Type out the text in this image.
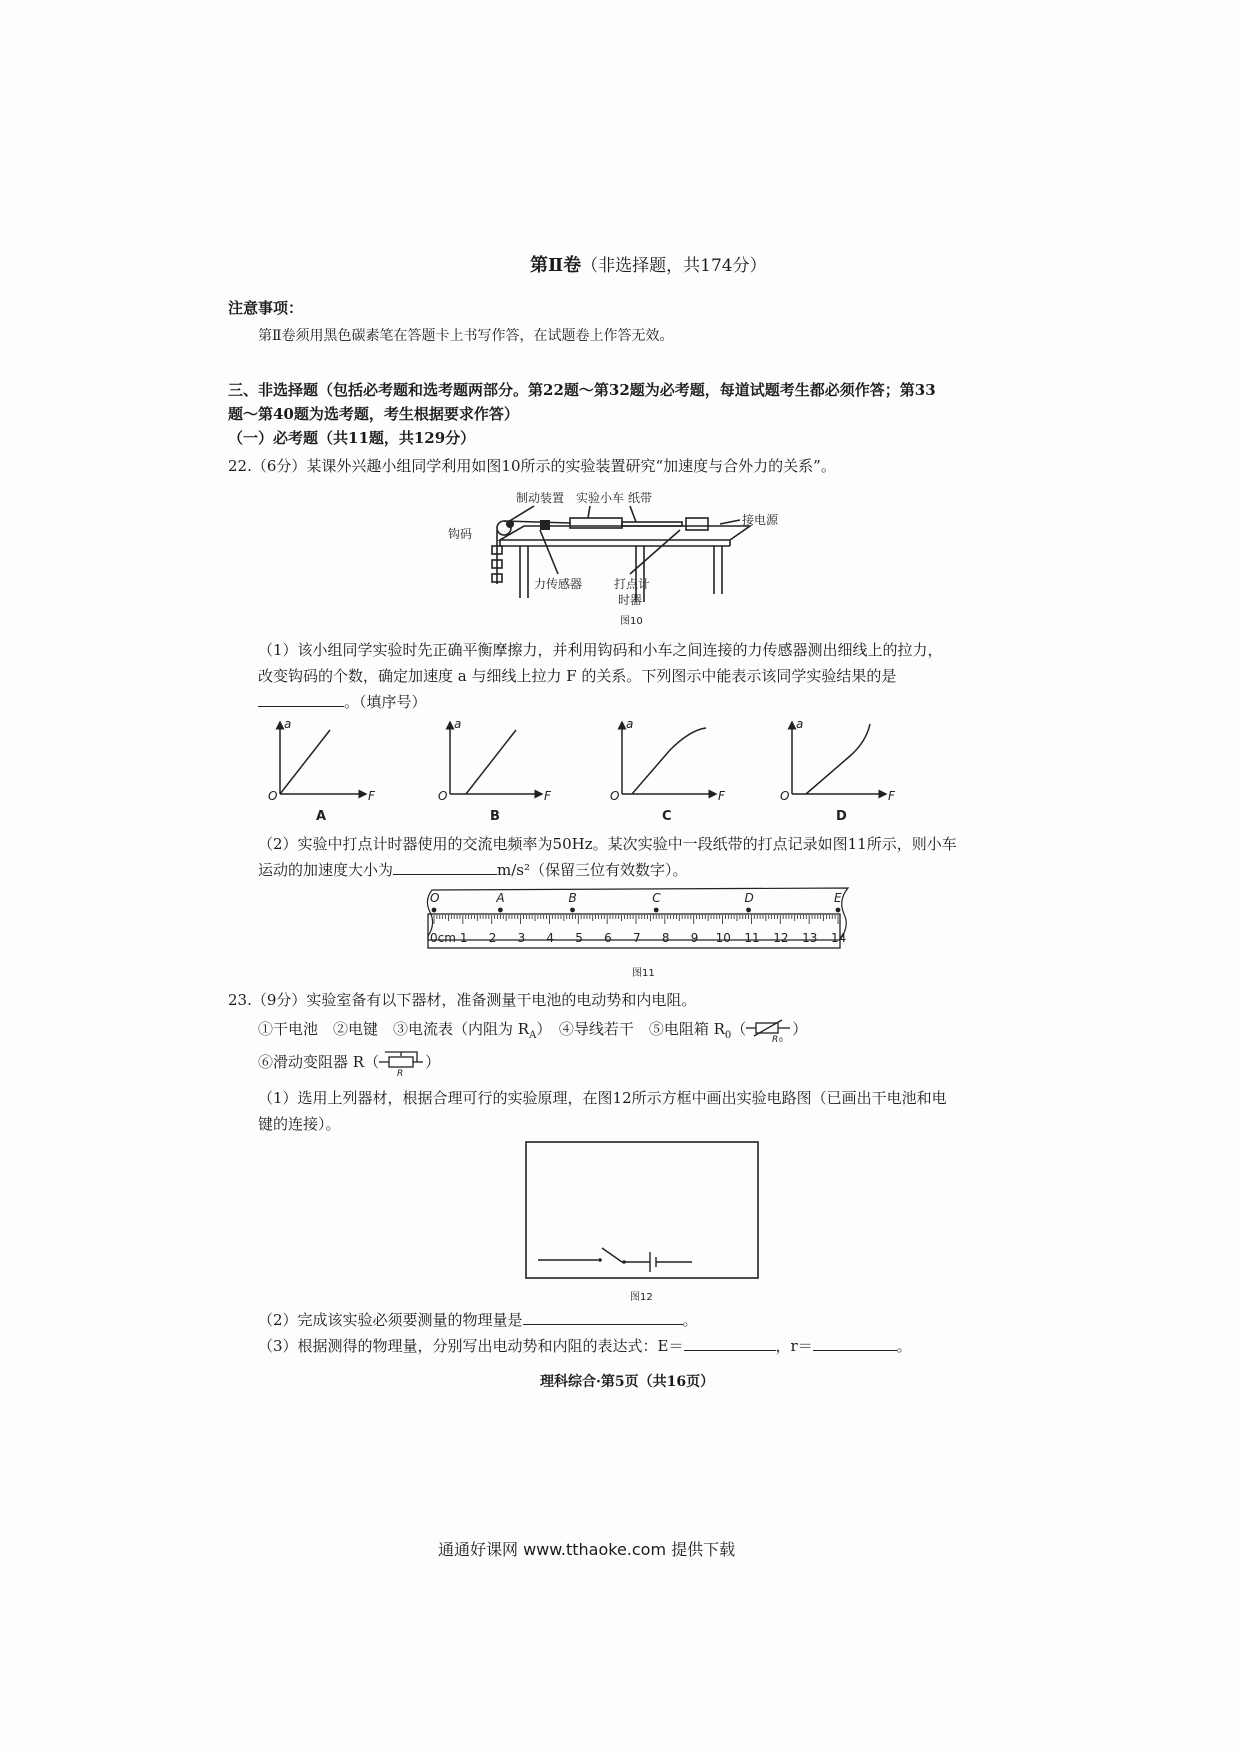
第Ⅱ卷（非选择题，共174分）
注意事项：
第Ⅱ卷须用黑色碳素笔在答题卡上书写作答，在试题卷上作答无效。
三、非选择题（包括必考题和选考题两部分。第22题～第32题为必考题，每道试题考生都必须作答；第33
题～第40题为选考题，考生根据要求作答）
（一）必考题（共11题，共129分）
22.（6分）某课外兴趣小组同学利用如图10所示的实验装置研究“加速度与合外力的关系”。
制动装置 实验小车 纸带
钩码
接电源
力传感器	打点计
时器
图10
（1）该小组同学实验时先正确平衡摩擦力，并利用钩码和小车之间连接的力传感器测出细线上的拉力，
改变钩码的个数，确定加速度 a 与细线上拉力 F 的关系。下列图示中能表示该同学实验结果的是
。（填序号）
a
F
O
a
F
O
a
F
O
a
F
O
A	B	C	D
（2）实验中打点计时器使用的交流电频率为50Hz。某次实验中一段纸带的打点记录如图11所示，则小车
运动的加速度大小为	m/s²（保留三位有效数字）。
0cm 1 2 3 4 5 6 7 8 9 10 11 12 13 14
O	A	B	C	D	E
图11
23.（9分）实验室备有以下器材，准备测量干电池的电动势和内电阻。
①干电池　②电键　③电流表（内阻为 $R_A$）　④导线若干　⑤电阻箱 $R_0$（
R 0
）
⑥滑动变阻器 R（
R
）
（1）选用上列器材，根据合理可行的实验原理，在图12所示方框中画出实验电路图（已画出干电池和电
键的连接）。
图12
（2）完成该实验必须要测量的物理量是	。
（3）根据测得的物理量，分别写出电动势和内阻的表达式：E＝	，r＝	。
理科综合·第5页（共16页）
通通好课网 www.tthaoke.com 提供下载
